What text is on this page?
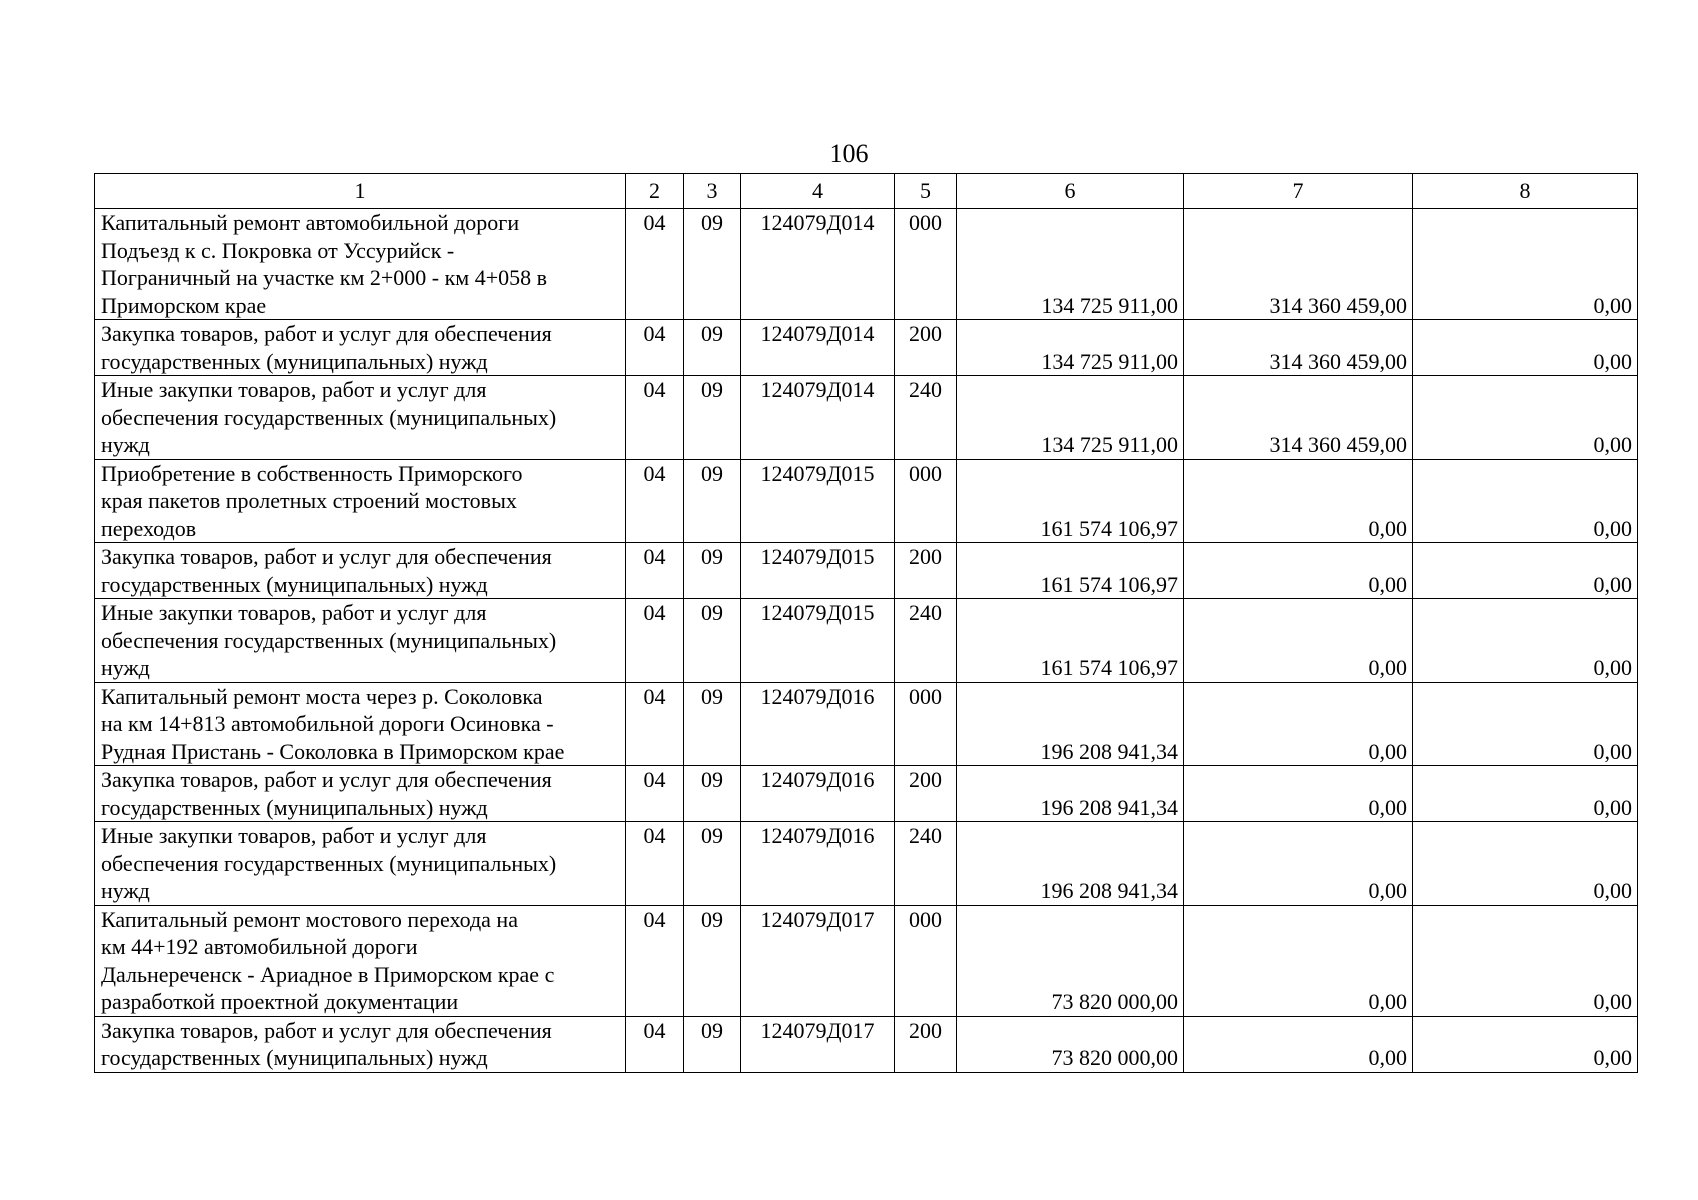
106
1	2	3	4	5	6	7	8

Капитальный ремонт автомобильной дороги
Подъезд к с. Покровка от Уссурийск -
Пограничный на участке км 2+000 - км 4+058 в
Приморском крае	04	09	124079Д014	000	134 725 911,00	314 360 459,00	0,00

Закупка товаров, работ и услуг для обеспечения
государственных (муниципальных) нужд	04	09	124079Д014	200	134 725 911,00	314 360 459,00	0,00

Иные закупки товаров, работ и услуг для
обеспечения государственных (муниципальных)
нужд	04	09	124079Д014	240	134 725 911,00	314 360 459,00	0,00

Приобретение в собственность Приморского
края пакетов пролетных строений мостовых
переходов	04	09	124079Д015	000	161 574 106,97	0,00	0,00

Закупка товаров, работ и услуг для обеспечения
государственных (муниципальных) нужд	04	09	124079Д015	200	161 574 106,97	0,00	0,00

Иные закупки товаров, работ и услуг для
обеспечения государственных (муниципальных)
нужд	04	09	124079Д015	240	161 574 106,97	0,00	0,00

Капитальный ремонт моста через р. Соколовка
на км 14+813 автомобильной дороги Осиновка -
Рудная Пристань - Соколовка в Приморском крае	04	09	124079Д016	000	196 208 941,34	0,00	0,00

Закупка товаров, работ и услуг для обеспечения
государственных (муниципальных) нужд	04	09	124079Д016	200	196 208 941,34	0,00	0,00

Иные закупки товаров, работ и услуг для
обеспечения государственных (муниципальных)
нужд	04	09	124079Д016	240	196 208 941,34	0,00	0,00

Капитальный ремонт мостового перехода на
км 44+192 автомобильной дороги
Дальнереченск - Ариадное в Приморском крае с
разработкой проектной документации	04	09	124079Д017	000	73 820 000,00	0,00	0,00

Закупка товаров, работ и услуг для обеспечения
государственных (муниципальных) нужд	04	09	124079Д017	200	73 820 000,00	0,00	0,00
